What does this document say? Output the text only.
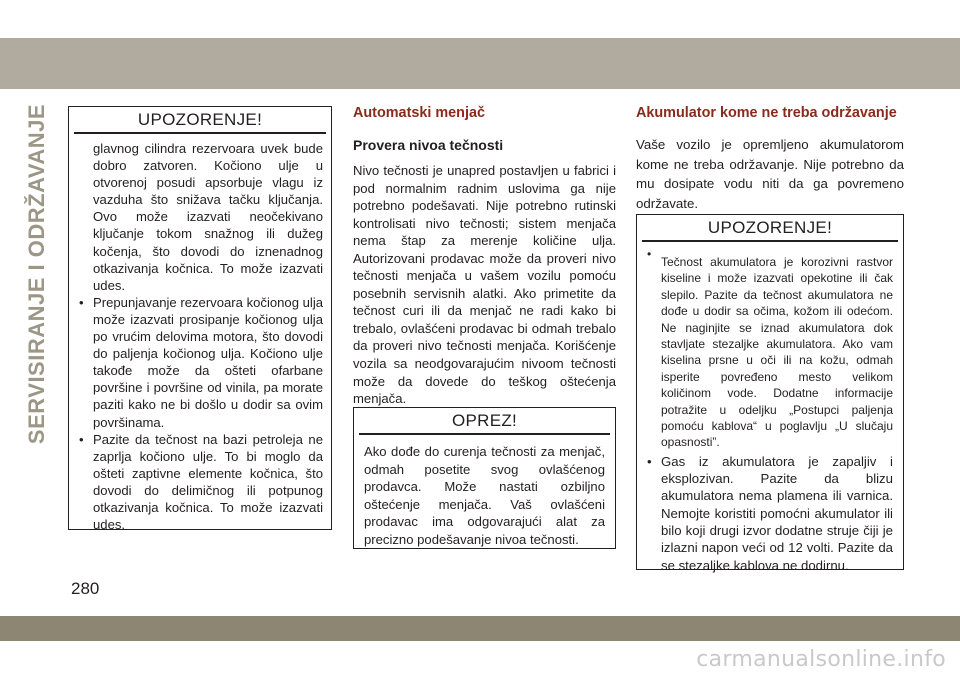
SERVISIRANJE I ODRŽAVANJE	UPOZORENJE!

glavnog cilindra rezervoara uvek bude dobro zatvoren. Kočiono ulje u otvorenoj posudi apsorbuje vlagu iz vazduha što snižava tačku ključanja. Ovo može izazvati neočekivano ključanje tokom snažnog ili dužeg kočenja, što dovodi do iznenadnog otkazivanja kočnica. To može izazvati udes.

• Prepunjavanje rezervoara kočionog ulja može izazvati prosipanje kočionog ulja po vrućim delovima motora, što dovodi do paljenja kočionog ulja. Kočiono ulje takođe može da ošteti ofarbane površine i površine od vinila, pa morate paziti kako ne bi došlo u dodir sa ovim površinama.

• Pazite da tečnost na bazi petroleja ne zaprlja kočiono ulje. To bi moglo da ošteti zaptivne elemente kočnica, što dovodi do delimičnog ili potpunog otkazivanja kočnica. To može izazvati udes.

Automatski menjač
Provera nivoa tečnosti

Nivo tečnosti je unapred postavljen u fabrici i pod normalnim radnim uslovima ga nije potrebno podešavati. Nije potrebno rutinski kontrolisati nivo tečnosti; sistem menjača nema štap za merenje količine ulja. Autorizovani prodavac može da proveri nivo tečnosti menjača u vašem vozilu pomoću posebnih servisnih alatki. Ako primetite da tečnost curi ili da menjač ne radi kako bi trebalo, ovlašćeni prodavac bi odmah trebalo da proveri nivo tečnosti menjača. Korišćenje vozila sa neodgovarajućim nivoom tečnosti može da dovede do teškog oštećenja menjača.

OPREZ!

Ako dođe do curenja tečnosti za menjač, odmah posetite svog ovlašćenog prodavca. Može nastati ozbiljno oštećenje menjača. Vaš ovlašćeni prodavac ima odgovarajući alat za precizno podešavanje nivoa tečnosti.

Akumulator kome ne treba održavanje

Vaše vozilo je opremljeno akumulatorom kome ne treba održavanje. Nije potrebno da mu dosipate vodu niti da ga povremeno održavate.

UPOZORENJE!

• Tečnost akumulatora je korozivni rastvor kiseline i može izazvati opekotine ili čak slepilo. Pazite da tečnost akumulatora ne dođe u dodir sa očima, kožom ili odećom. Ne naginjite se iznad akumulatora dok stavljate stezaljke akumulatora. Ako vam kiselina prsne u oči ili na kožu, odmah isperite povređeno mesto velikom količinom vode. Dodatne informacije potražite u odeljku „Postupci paljenja pomoću kablova“ u poglavlju „U slučaju opasnosti”.

• Gas iz akumulatora je zapaljiv i eksplozivan. Pazite da blizu akumulatora nema plamena ili varnica. Nemojte koristiti pomoćni akumulator ili bilo koji drugi izvor dodatne struje čiji je izlazni napon veći od 12 volti. Pazite da se stezaljke kablova ne dodirnu.

280
carmanualsonline.info
